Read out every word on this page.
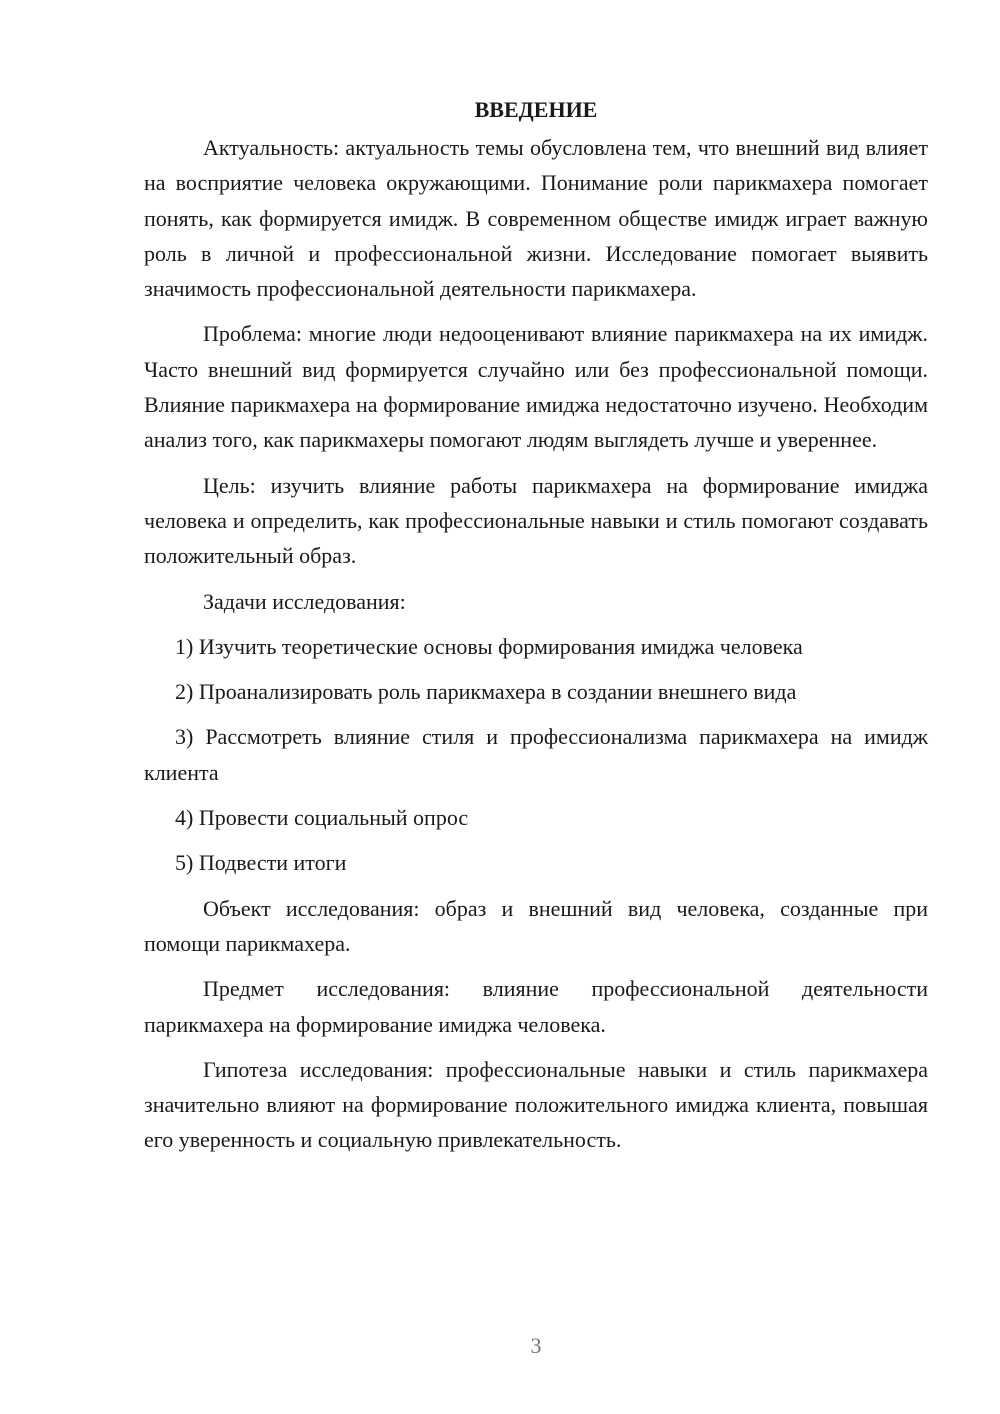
ВВЕДЕНИЕ

Актуальность: актуальность темы обусловлена тем, что внешний вид влияет на восприятие человека окружающими. Понимание роли парикмахера помогает понять, как формируется имидж. В современном обществе имидж играет важную роль в личной и профессиональной жизни. Исследование помогает выявить значимость профессиональной деятельности парикмахера.

Проблема: многие люди недооценивают влияние парикмахера на их имидж. Часто внешний вид формируется случайно или без профессиональной помощи. Влияние парикмахера на формирование имиджа недостаточно изучено. Необходим анализ того, как парикмахеры помогают людям выглядеть лучше и увереннее.

Цель: изучить влияние работы парикмахера на формирование имиджа человека и определить, как профессиональные навыки и стиль помогают создавать положительный образ.

Задачи исследования:

1) Изучить теоретические основы формирования имиджа человека

2) Проанализировать роль парикмахера в создании внешнего вида

3) Рассмотреть влияние стиля и профессионализма парикмахера на имидж клиента

4) Провести социальный опрос

5) Подвести итоги

Объект исследования: образ и внешний вид человека, созданные при помощи парикмахера.

Предмет исследования: влияние профессиональной деятельности парикмахера на формирование имиджа человека.

Гипотеза исследования: профессиональные навыки и стиль парикмахера значительно влияют на формирование положительного имиджа клиента, повышая его уверенность и социальную привлекательность.

3
